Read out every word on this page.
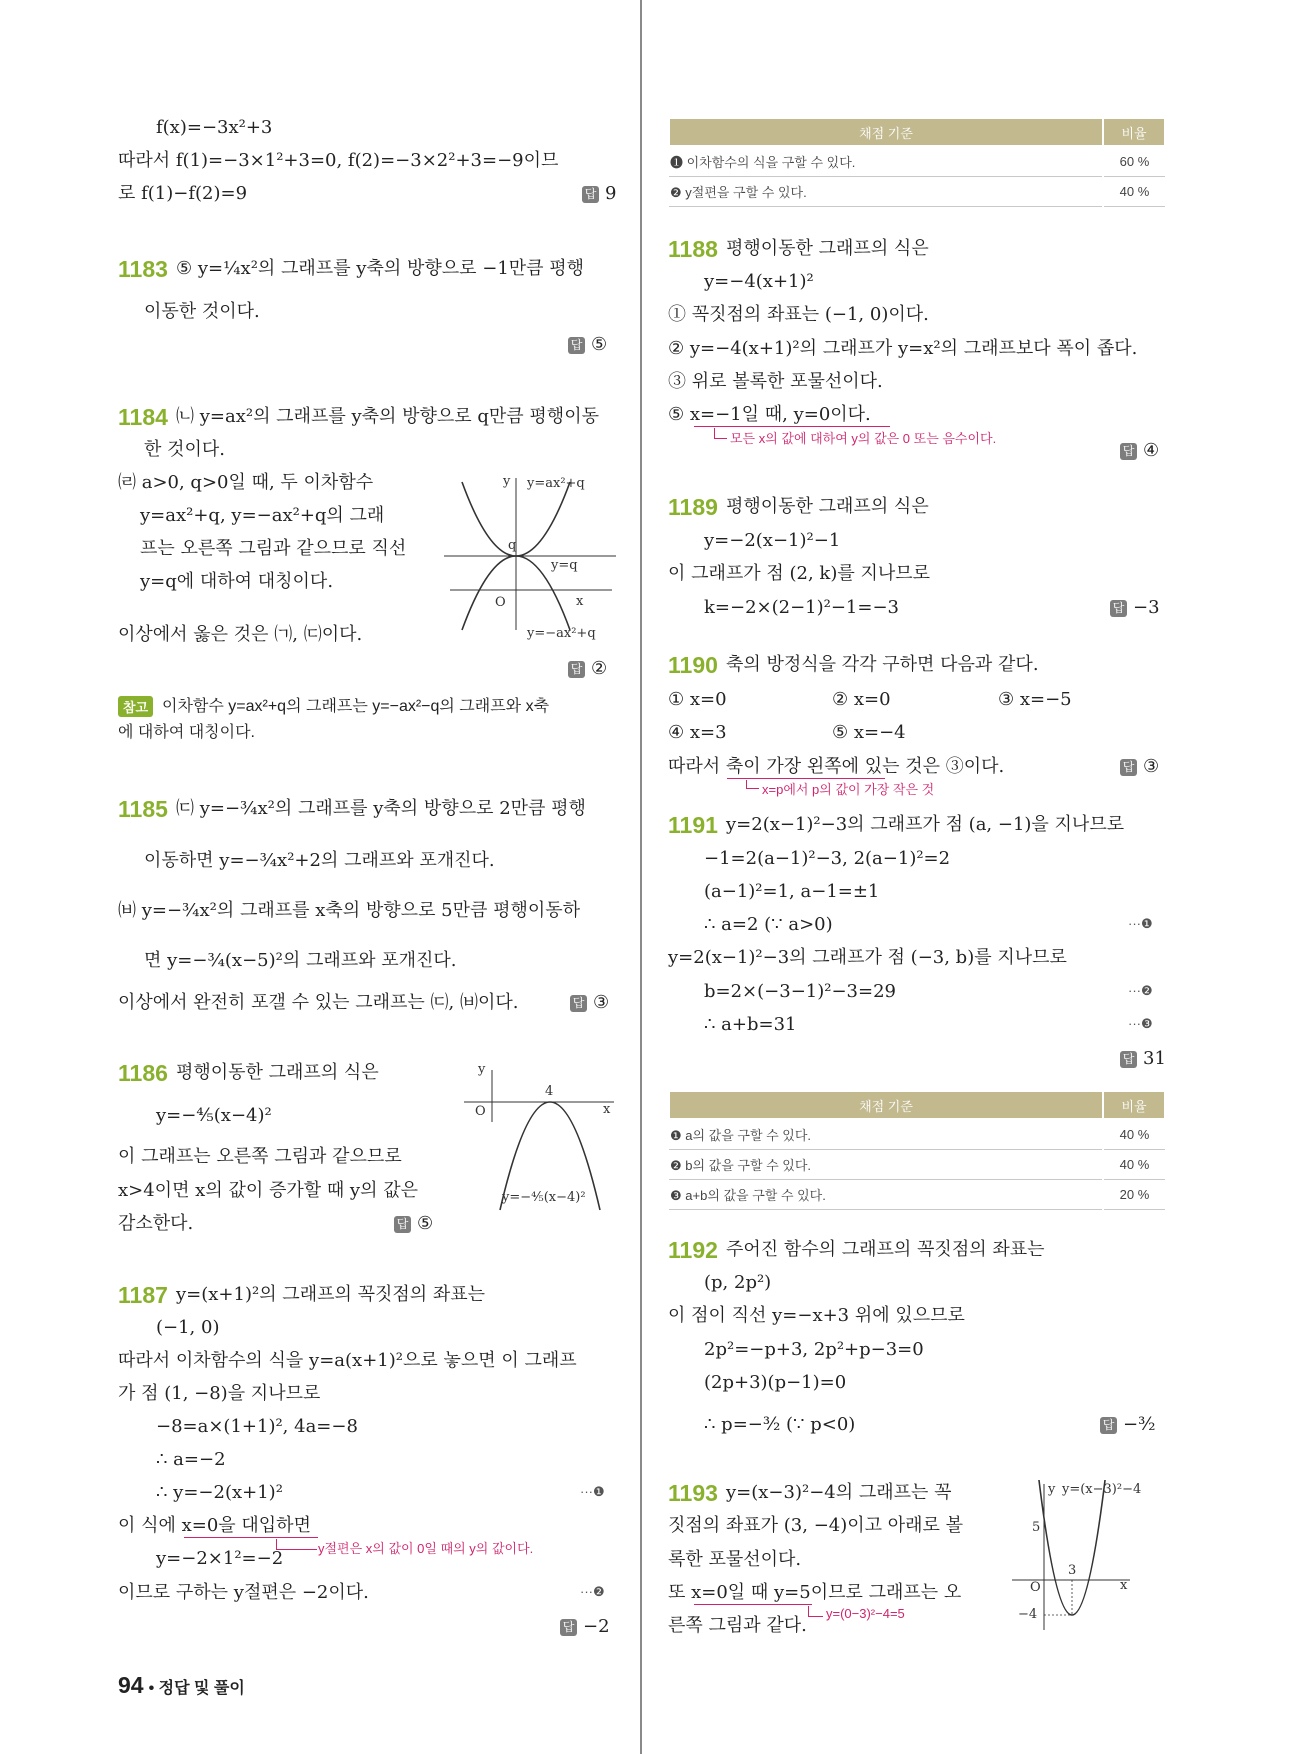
f(x)=−3x²+3
따라서 f(1)=−3×1²+3=0, f(2)=−3×2²+3=−9이므
로 f(1)−f(2)=9	답 9
1183 ⑤ y=¼x²의 그래프를 y축의 방향으로 −1만큼 평행
이동한 것이다.
답 ⑤
1184 ㈁ y=ax²의 그래프를 y축의 방향으로 q만큼 평행이동
한 것이다.
㈃ a>0, q>0일 때, 두 이차함수
y=ax²+q, y=−ax²+q의 그래
프는 오른쪽 그림과 같으므로 직선
y=q에 대하여 대칭이다.
이상에서 옳은 것은 ㈀, ㈂이다.
답 ②
y y=ax²+q
q
y=q
O	x
y=−ax²+q
참고 이차함수 y=ax²+q의 그래프는 y=−ax²−q의 그래프와 x축
에 대하여 대칭이다.
1185 ㈂ y=−¾x²의 그래프를 y축의 방향으로 2만큼 평행
이동하면 y=−¾x²+2의 그래프와 포개진다.
㈅ y=−¾x²의 그래프를 x축의 방향으로 5만큼 평행이동하
면 y=−¾(x−5)²의 그래프와 포개진다.
이상에서 완전히 포갤 수 있는 그래프는 ㈂, ㈅이다.	답 ③
1186 평행이동한 그래프의 식은
y=−⁴⁄₅(x−4)²
이 그래프는 오른쪽 그림과 같으므로
x>4이면 x의 값이 증가할 때 y의 값은
감소한다.	답 ⑤
y
4
O	x
y=−⁴⁄₅(x−4)²
1187 y=(x+1)²의 그래프의 꼭짓점의 좌표는
(−1, 0)
따라서 이차함수의 식을 y=a(x+1)²으로 놓으면 이 그래프
가 점 (1, −8)을 지나므로
−8=a×(1+1)², 4a=−8
∴ a=−2
∴ y=−2(x+1)²	···❶
이 식에 x=0을 대입하면
y절편은 x의 값이 0일 때의 y의 값이다.
y=−2×1²=−2
이므로 구하는 y절편은 −2이다.	···❷
답 −2
채점 기준	비율
❶ 이차함수의 식을 구할 수 있다.	60 %
❷ y절편을 구할 수 있다.	40 %
1188 평행이동한 그래프의 식은
y=−4(x+1)²
① 꼭짓점의 좌표는 (−1, 0)이다.
② y=−4(x+1)²의 그래프가 y=x²의 그래프보다 폭이 좁다.
③ 위로 볼록한 포물선이다.
⑤ x=−1일 때, y=0이다.
모든 x의 값에 대하여 y의 값은 0 또는 음수이다.
답 ④
1189 평행이동한 그래프의 식은
y=−2(x−1)²−1
이 그래프가 점 (2, k)를 지나므로
k=−2×(2−1)²−1=−3	답 −3
1190 축의 방정식을 각각 구하면 다음과 같다.
① x=0	② x=0	③ x=−5
④ x=3	⑤ x=−4
따라서 축이 가장 왼쪽에 있는 것은 ③이다.
x=p에서 p의 값이 가장 작은 것
답 ③
1191 y=2(x−1)²−3의 그래프가 점 (a, −1)을 지나므로
−1=2(a−1)²−3, 2(a−1)²=2
(a−1)²=1, a−1=±1
∴ a=2 (∵ a>0)	···❶
y=2(x−1)²−3의 그래프가 점 (−3, b)를 지나므로
b=2×(−3−1)²−3=29	···❷
∴ a+b=31	···❸
답 31
채점 기준	비율
❶ a의 값을 구할 수 있다.	40 %
❷ b의 값을 구할 수 있다.	40 %
❸ a+b의 값을 구할 수 있다.	20 %
1192 주어진 함수의 그래프의 꼭짓점의 좌표는
(p, 2p²)
이 점이 직선 y=−x+3 위에 있으므로
2p²=−p+3, 2p²+p−3=0
(2p+3)(p−1)=0
∴ p=−³⁄₂ (∵ p<0)	답 −³⁄₂
1193 y=(x−3)²−4의 그래프는 꼭
짓점의 좌표가 (3, −4)이고 아래로 볼
록한 포물선이다.
또 x=0일 때 y=5이므로 그래프는 오
y=(0−3)²−4=5
른쪽 그림과 같다.
y y=(x−3)²−4
5
3
O	x
−4
94 • 정답 및 풀이
